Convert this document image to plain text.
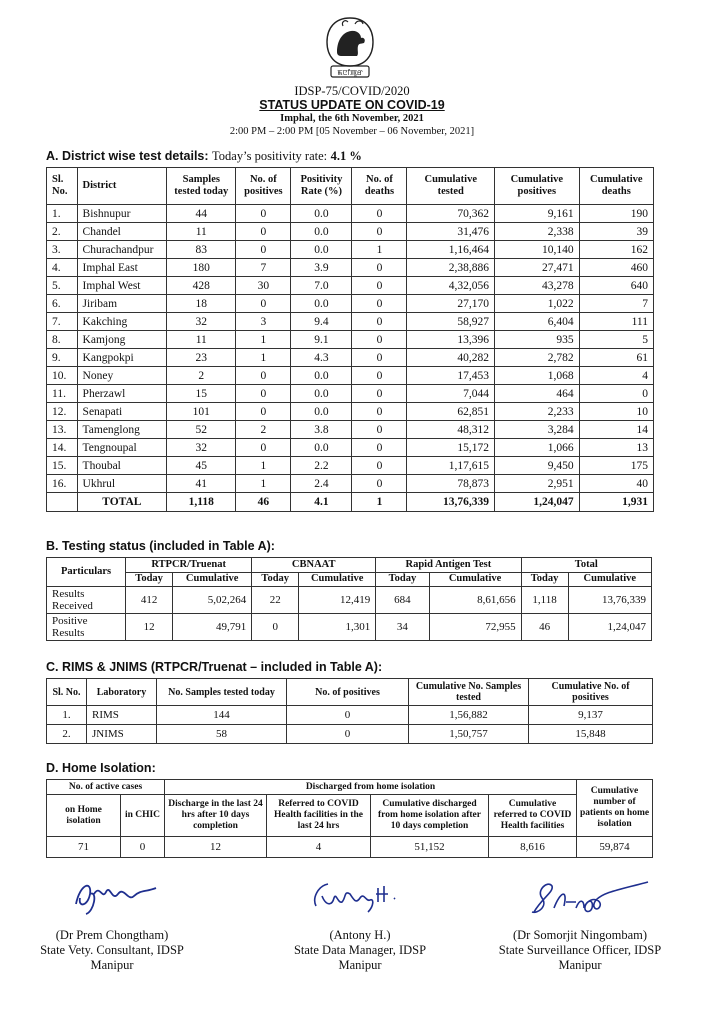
ꯃꯅꯤꯄꯨꯔ
IDSP-75/COVID/2020
STATUS UPDATE ON COVID-19
Imphal, the 6th November, 2021
2:00 PM – 2:00 PM [05 November – 06 November, 2021]
A. District wise test details: Today’s positivity rate: 4.1 %
Sl. No.	District	Samples tested today	No. of positives	Positivity Rate (%)	No. of deaths	Cumulative tested	Cumulative positives	Cumulative deaths
1.	Bishnupur	44	0	0.0	0	70,362	9,161	190
2.	Chandel	11	0	0.0	0	31,476	2,338	39
3.	Churachandpur	83	0	0.0	1	1,16,464	10,140	162
4.	Imphal East	180	7	3.9	0	2,38,886	27,471	460
5.	Imphal West	428	30	7.0	0	4,32,056	43,278	640
6.	Jiribam	18	0	0.0	0	27,170	1,022	7
7.	Kakching	32	3	9.4	0	58,927	6,404	111
8.	Kamjong	11	1	9.1	0	13,396	935	5
9.	Kangpokpi	23	1	4.3	0	40,282	2,782	61
10.	Noney	2	0	0.0	0	17,453	1,068	4
11.	Pherzawl	15	0	0.0	0	7,044	464	0
12.	Senapati	101	0	0.0	0	62,851	2,233	10
13.	Tamenglong	52	2	3.8	0	48,312	3,284	14
14.	Tengnoupal	32	0	0.0	0	15,172	1,066	13
15.	Thoubal	45	1	2.2	0	1,17,615	9,450	175
16.	Ukhrul	41	1	2.4	0	78,873	2,951	40
	TOTAL	1,118	46	4.1	1	13,76,339	1,24,047	1,931
B. Testing status (included in Table A):
Particulars	RTPCR/Truenat		CBNAAT		Rapid Antigen Test		Total	
	Today	Cumulative	Today	Cumulative	Today	Cumulative	Today	Cumulative

Results
Received	412	5,02,264	22	12,419	684	8,61,656	1,118	13,76,339

Positive
Results	12	49,791	0	1,301	34	72,955	46	1,24,047
C. RIMS & JNIMS (RTPCR/Truenat – included in Table A):
Sl. No.	Laboratory	No. Samples tested today	No. of positives	Cumulative No. Samples tested	Cumulative No. of positives
1.	RIMS	144	0	1,56,882	9,137
2.	JNIMS	58	0	1,50,757	15,848
D. Home Isolation:
No. of active cases		Discharged from home isolation				Cumulative number of patients on home isolation
on Home isolation	in CHIC	Discharge in the last 24 hrs after 10 days completion	Referred to COVID Health facilities in the last 24 hrs	Cumulative discharged from home isolation after 10 days completion	Cumulative referred to COVID Health facilities	
71	0	12	4	51,152	8,616	59,874
(Dr Prem Chongtham)
State Vety. Consultant, IDSP
Manipur
(Antony H.)
State Data Manager, IDSP
Manipur
(Dr Somorjit Ningombam)
State Surveillance Officer, IDSP
Manipur
